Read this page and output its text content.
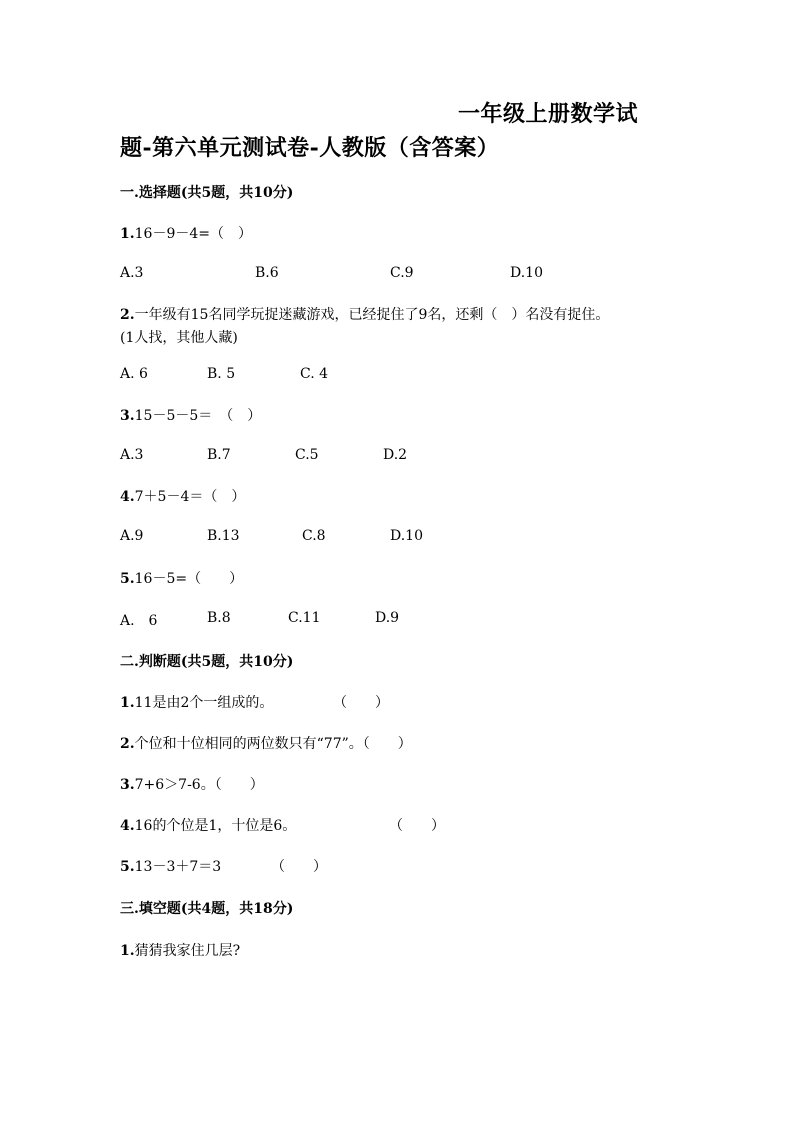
一年级上册数学试
题-第六单元测试卷-人教版（含答案）
一.选择题(共5题，共10分)
1.16－9－4=（　）
A.3	B.6	C.9	D.10
2.一年级有15名同学玩捉迷藏游戏，已经捉住了9名，还剩（　）名没有捉住。
(1人找，其他人藏)
A. 6	B. 5	C. 4
3.15－5－5＝　（　）
A.3	B.7	C.5	D.2
4.7＋5－4＝（　）
A.9	B.13	C.8	D.10
5.16－5=（　　）
A.　6	B.8	C.11	D.9
二.判断题(共5题，共10分)
1.11是由2个一组成的。	（　　）
2.个位和十位相同的两位数只有“77”。（　　）
3.7+6＞7-6。（　　）
4.16的个位是1，十位是6。	（　　）
5.13－3＋7＝3	（　　）
三.填空题(共4题，共18分)
1.猜猜我家住几层?
